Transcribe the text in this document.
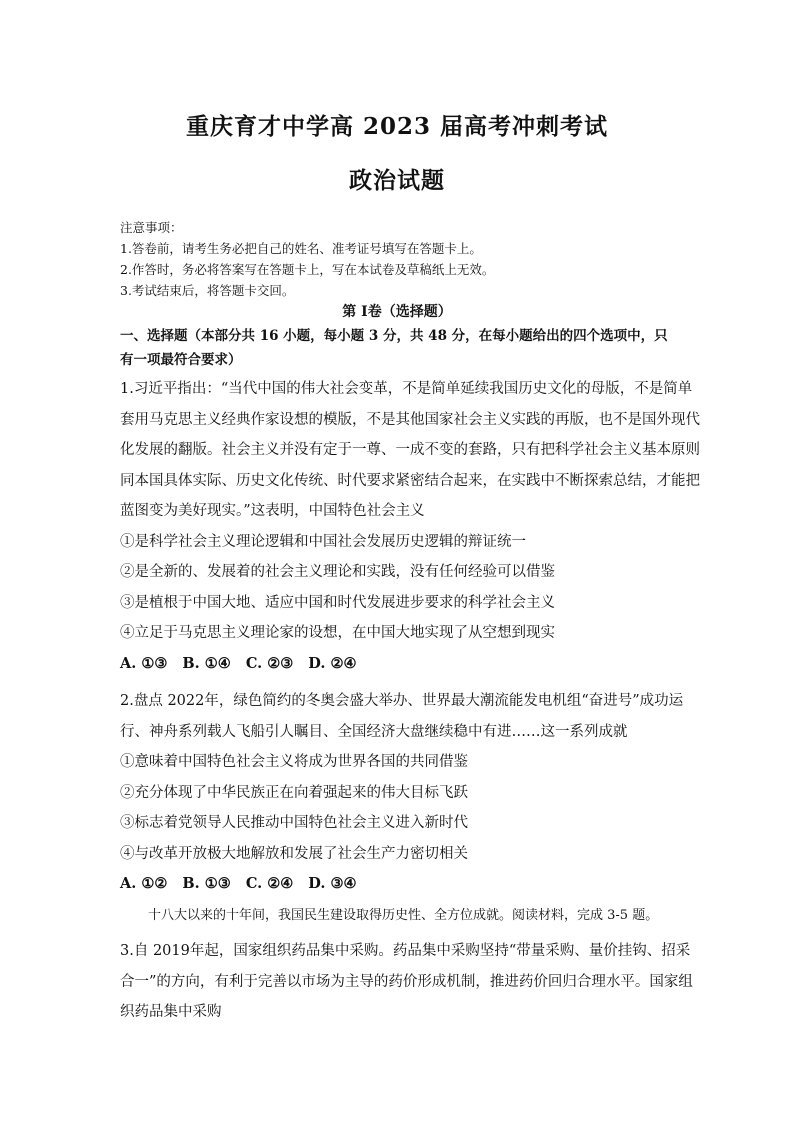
重庆育才中学高 2023 届高考冲刺考试
政治试题
注意事项：
1.答卷前，请考生务必把自己的姓名、准考证号填写在答题卡上。
2.作答时，务必将答案写在答题卡上，写在本试卷及草稿纸上无效。
3.考试结束后，将答题卡交回。
第 Ⅰ卷（选择题）
一、选择题（本部分共 16 小题，每小题 3 分，共 48 分，在每小题给出的四个选项中，只有一项最符合要求）
1.习近平指出：“当代中国的伟大社会变革，不是简单延续我国历史文化的母版，不是简单
套用马克思主义经典作家设想的模版，不是其他国家社会主义实践的再版，也不是国外现代
化发展的翻版。社会主义并没有定于一尊、一成不变的套路，只有把科学社会主义基本原则
同本国具体实际、历史文化传统、时代要求紧密结合起来，在实践中不断探索总结，才能把
蓝图变为美好现实。”这表明，中国特色社会主义
①是科学社会主义理论逻辑和中国社会发展历史逻辑的辩证统一
②是全新的、发展着的社会主义理论和实践，没有任何经验可以借鉴
③是植根于中国大地、适应中国和时代发展进步要求的科学社会主义
④立足于马克思主义理论家的设想，在中国大地实现了从空想到现实
A. ①③ B. ①④ C. ②③ D. ②④
2.盘点 2022年，绿色简约的冬奥会盛大举办、世界最大潮流能发电机组“奋进号”成功运
行、神舟系列载人飞船引人瞩目、全国经济大盘继续稳中有进……这一系列成就
①意味着中国特色社会主义将成为世界各国的共同借鉴
②充分体现了中华民族正在向着强起来的伟大目标飞跃
③标志着党领导人民推动中国特色社会主义进入新时代
④与改革开放极大地解放和发展了社会生产力密切相关
A. ①② B. ①③ C. ②④ D. ③④
十八大以来的十年间，我国民生建设取得历史性、全方位成就。阅读材料，完成 3-5 题。
3.自 2019年起，国家组织药品集中采购。药品集中采购坚持“带量采购、量价挂钩、招采
合一”的方向，有利于完善以市场为主导的药价形成机制，推进药价回归合理水平。国家组
织药品集中采购
